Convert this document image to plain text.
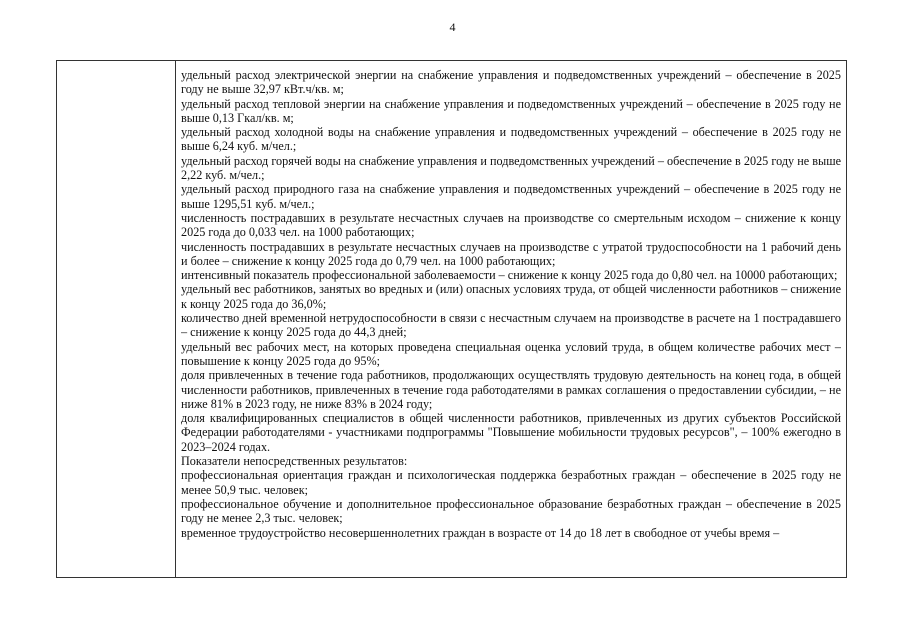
4

удельный расход электрической энергии на снабжение управления и подведомственных учреждений – обеспечение в 2025 году не выше 32,97 кВт.ч/кв. м;

удельный расход тепловой энергии на снабжение управления и подведомственных учреждений – обеспечение в 2025 году не выше 0,13 Гкал/кв. м;

удельный расход холодной воды на снабжение управления и подведомственных учреждений – обеспечение в 2025 году не выше 6,24 куб. м/чел.;

удельный расход горячей воды на снабжение управления и подведомственных учреждений – обеспечение в 2025 году не выше 2,22 куб. м/чел.;

удельный расход природного газа на снабжение управления и подведомственных учреждений – обеспечение в 2025 году не выше 1295,51 куб. м/чел.;

численность пострадавших в результате несчастных случаев на производстве со смертельным исходом – снижение к концу 2025 года до 0,033 чел. на 1000 работающих;

численность пострадавших в результате несчастных случаев на производстве с утратой трудоспособности на 1 рабочий день и более – снижение к концу 2025 года до 0,79 чел. на 1000 работающих;

интенсивный показатель профессиональной заболеваемости – снижение к концу 2025 года до 0,80 чел. на 10000 работающих;

удельный вес работников, занятых во вредных и (или) опасных условиях труда, от общей численности работников – снижение к концу 2025 года до 36,0%;

количество дней временной нетрудоспособности в связи с несчастным случаем на производстве в расчете на 1 пострадавшего – снижение к концу 2025 года до 44,3 дней;

удельный вес рабочих мест, на которых проведена специальная оценка условий труда, в общем количестве рабочих мест – повышение к концу 2025 года до 95%;

доля привлеченных в течение года работников, продолжающих осуществлять трудовую деятельность на конец года, в общей численности работников, привлеченных в течение года работодателями в рамках соглашения о предоставлении субсидии, – не ниже 81% в 2023 году, не ниже 83% в 2024 году;

доля квалифицированных специалистов в общей численности работников, привлеченных из других субъектов Российской Федерации работодателями - участниками подпрограммы "Повышение мобильности трудовых ресурсов", – 100% ежегодно в 2023–2024 годах.

Показатели непосредственных результатов:

профессиональная ориентация граждан и психологическая поддержка безработных граждан – обеспечение в 2025 году не менее 50,9 тыс. человек;

профессиональное обучение и дополнительное профессиональное образование безработных граждан – обеспечение в 2025 году не менее 2,3 тыс. человек;

временное трудоустройство несовершеннолетних граждан в возрасте от 14 до 18 лет в свободное от учебы время –
